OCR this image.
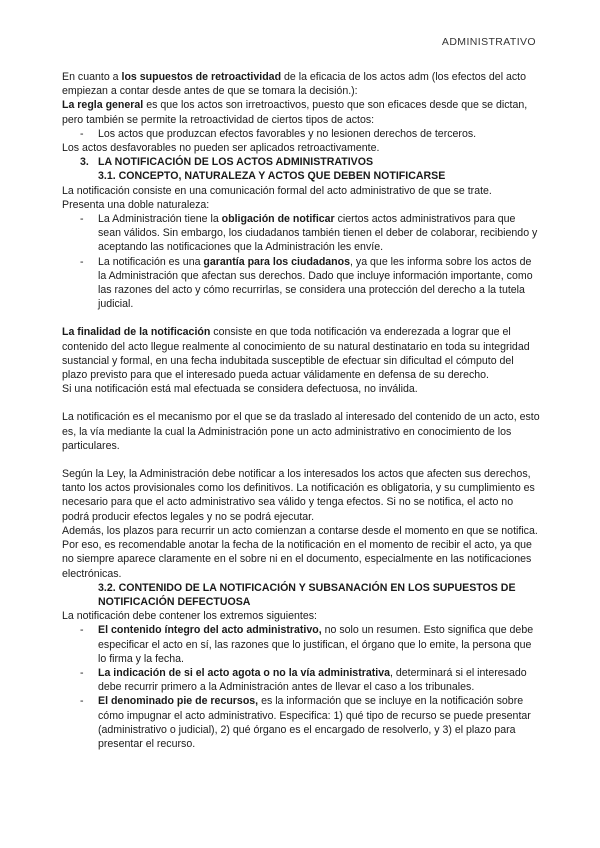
ADMINISTRATIVO

En cuanto a los supuestos de retroactividad de la eficacia de los actos adm (los efectos del acto empiezan a contar desde antes de que se tomara la decisión.):

La regla general es que los actos son irretroactivos, puesto que son eficaces desde que se dictan, pero también se permite la retroactividad de ciertos tipos de actos:

- Los actos que produzcan efectos favorables y no lesionen derechos de terceros.

Los actos desfavorables no pueden ser aplicados retroactivamente.

3. LA NOTIFICACIÓN DE LOS ACTOS ADMINISTRATIVOS

3.1. CONCEPTO, NATURALEZA Y ACTOS QUE DEBEN NOTIFICARSE

La notificación consiste en una comunicación formal del acto administrativo de que se trate.

Presenta una doble naturaleza:

- La Administración tiene la obligación de notificar ciertos actos administrativos para que sean válidos. Sin embargo, los ciudadanos también tienen el deber de colaborar, recibiendo y aceptando las notificaciones que la Administración les envíe.
- La notificación es una garantía para los ciudadanos, ya que les informa sobre los actos de la Administración que afectan sus derechos. Dado que incluye información importante, como las razones del acto y cómo recurrirlas, se considera una protección del derecho a la tutela judicial.

La finalidad de la notificación consiste en que toda notificación va enderezada a lograr que el contenido del acto llegue realmente al conocimiento de su natural destinatario en toda su integridad sustancial y formal, en una fecha indubitada susceptible de efectuar sin dificultad el cómputo del plazo previsto para que el interesado pueda actuar válidamente en defensa de su derecho.

Si una notificación está mal efectuada se considera defectuosa, no inválida.

La notificación es el mecanismo por el que se da traslado al interesado del contenido de un acto, esto es, la vía mediante la cual la Administración pone un acto administrativo en conocimiento de los particulares.

Según la Ley, la Administración debe notificar a los interesados los actos que afecten sus derechos, tanto los actos provisionales como los definitivos. La notificación es obligatoria, y su cumplimiento es necesario para que el acto administrativo sea válido y tenga efectos. Si no se notifica, el acto no podrá producir efectos legales y no se podrá ejecutar.

Además, los plazos para recurrir un acto comienzan a contarse desde el momento en que se notifica. Por eso, es recomendable anotar la fecha de la notificación en el momento de recibir el acto, ya que no siempre aparece claramente en el sobre ni en el documento, especialmente en las notificaciones electrónicas.

3.2. CONTENIDO DE LA NOTIFICACIÓN Y SUBSANACIÓN EN LOS SUPUESTOS DE
NOTIFICACIÓN DEFECTUOSA

La notificación debe contener los extremos siguientes:

- El contenido íntegro del acto administrativo, no solo un resumen. Esto significa que debe especificar el acto en sí, las razones que lo justifican, el órgano que lo emite, la persona que lo firma y la fecha.
- La indicación de si el acto agota o no la vía administrativa, determinará si el interesado debe recurrir primero a la Administración antes de llevar el caso a los tribunales.
- El denominado pie de recursos, es la información que se incluye en la notificación sobre cómo impugnar el acto administrativo. Especifica: 1) qué tipo de recurso se puede presentar (administrativo o judicial), 2) qué órgano es el encargado de resolverlo, y 3) el plazo para presentar el recurso.
